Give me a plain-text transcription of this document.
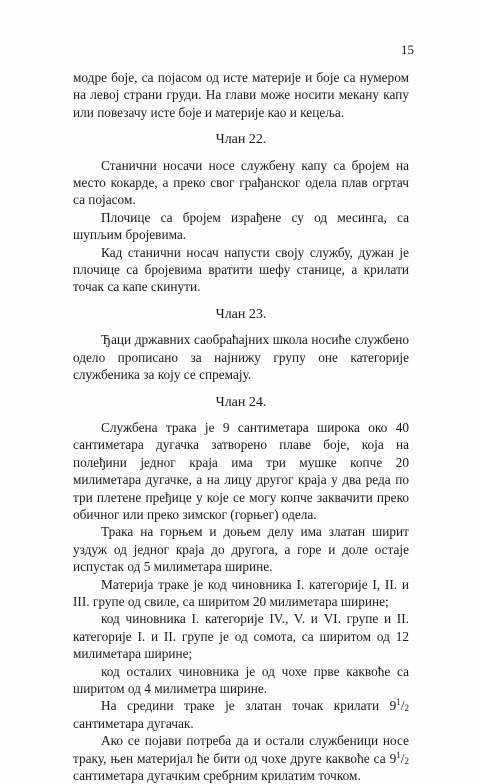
15

модре боје, са појасом од исте материје и боје са нумером на левој страни груди. На глави може носити мекану капу или повезачу исте боје и материје као и кецеља.

Члан 22.

Станични носачи носе службену капу са бројем на место кокарде, а преко свог грађанског одела плав огртач са појасом.

Плочице са бројем израђене су од месинга, са шупљим бројевима.

Кад станични носач напусти своју службу, дужан је плочице са бројевима вратити шефу станице, а крилати точак са капе скинути.

Члан 23.

Ђаци државних саобраћајних школа носиће службено одело прописано за најнижу групу оне категорије службеника за коју се спремају.

Члан 24.

Службена трака је 9 сантиметара широка око 40 сантиметара дугачка затворено плаве боје, која на полеђини једног краја има три мушке копче 20 милиметара дугачке, а на лицу другог краја у два реда по три плетене пређице у које се могу копче заквачити преко обичног или преко зимског (горњег) одела.

Трака на горњем и доњем делу има златан ширит уздуж од једног краја до другога, а горе и доле остаје испустак од 5 милиметара ширине.

Материја траке је код чиновника I. категорије I, II. и III. групе од свиле, са ширитом 20 милиметара ширине;

код чиновника I. категорије IV., V. и VI. групе и II. категорије I. и II. групе је од сомота, са ширитом од 12 милиметара ширине;

код осталих чиновника је од чохе прве каквоће са ширитом од 4 милиметра ширине.

На средини траке је златан точак крилати $9^1/_2$ сантиметара дугачак.

Ако се појави потреба да и остали службеници носе траку, њен материјал ће бити од чохе друге каквоће са $9^1/_2$ сантиметара дугачким сребрним крилатим точком.
